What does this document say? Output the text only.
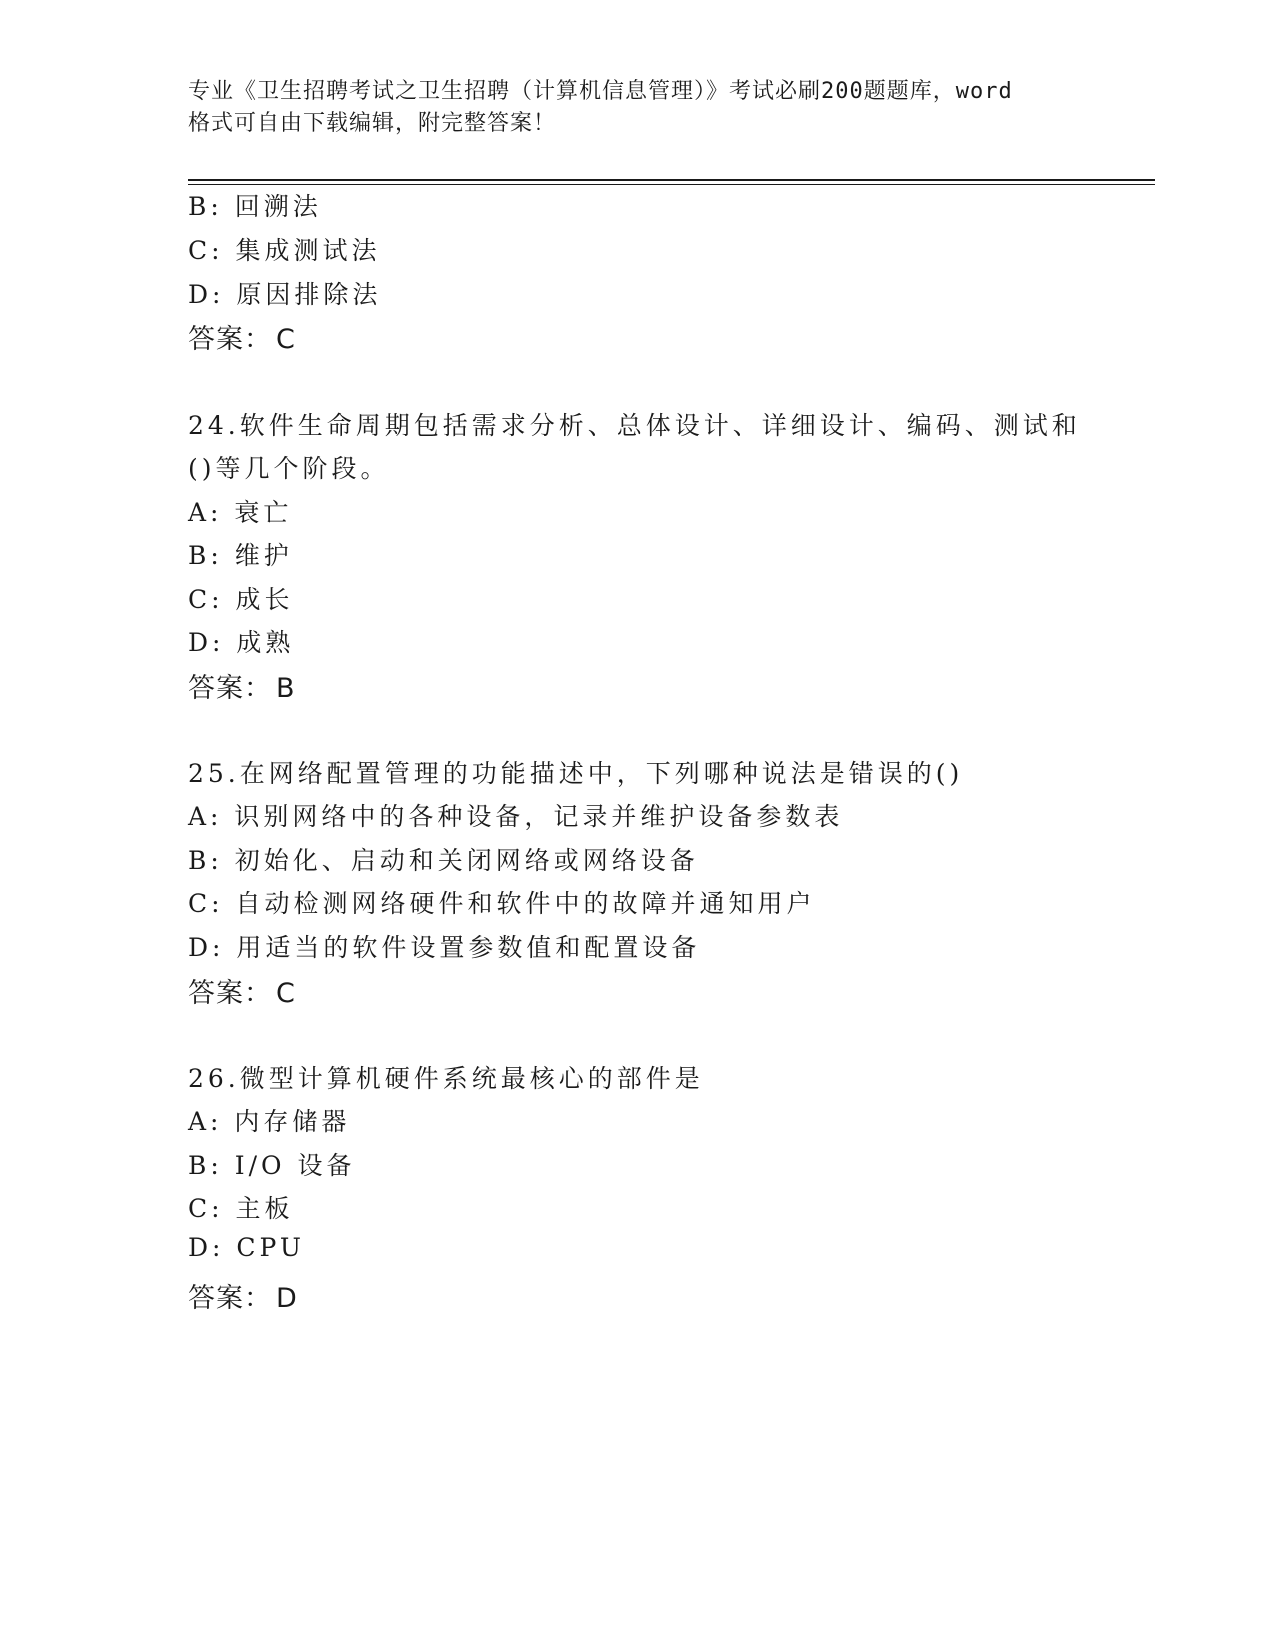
专业《卫生招聘考试之卫生招聘（计算机信息管理）》考试必刷200题题库，word
格式可自由下载编辑，附完整答案！
B: 回溯法
C: 集成测试法
D: 原因排除法
答案： C
24.软件生命周期包括需求分析、总体设计、详细设计、编码、测试和
()等几个阶段。
A: 衰亡
B: 维护
C: 成长
D: 成熟
答案： B
25.在网络配置管理的功能描述中，下列哪种说法是错误的()
A: 识别网络中的各种设备，记录并维护设备参数表
B: 初始化、启动和关闭网络或网络设备
C: 自动检测网络硬件和软件中的故障并通知用户
D: 用适当的软件设置参数值和配置设备
答案： C
26.微型计算机硬件系统最核心的部件是
A: 内存储器
B: I/O 设备
C: 主板
D: CPU
答案： D
